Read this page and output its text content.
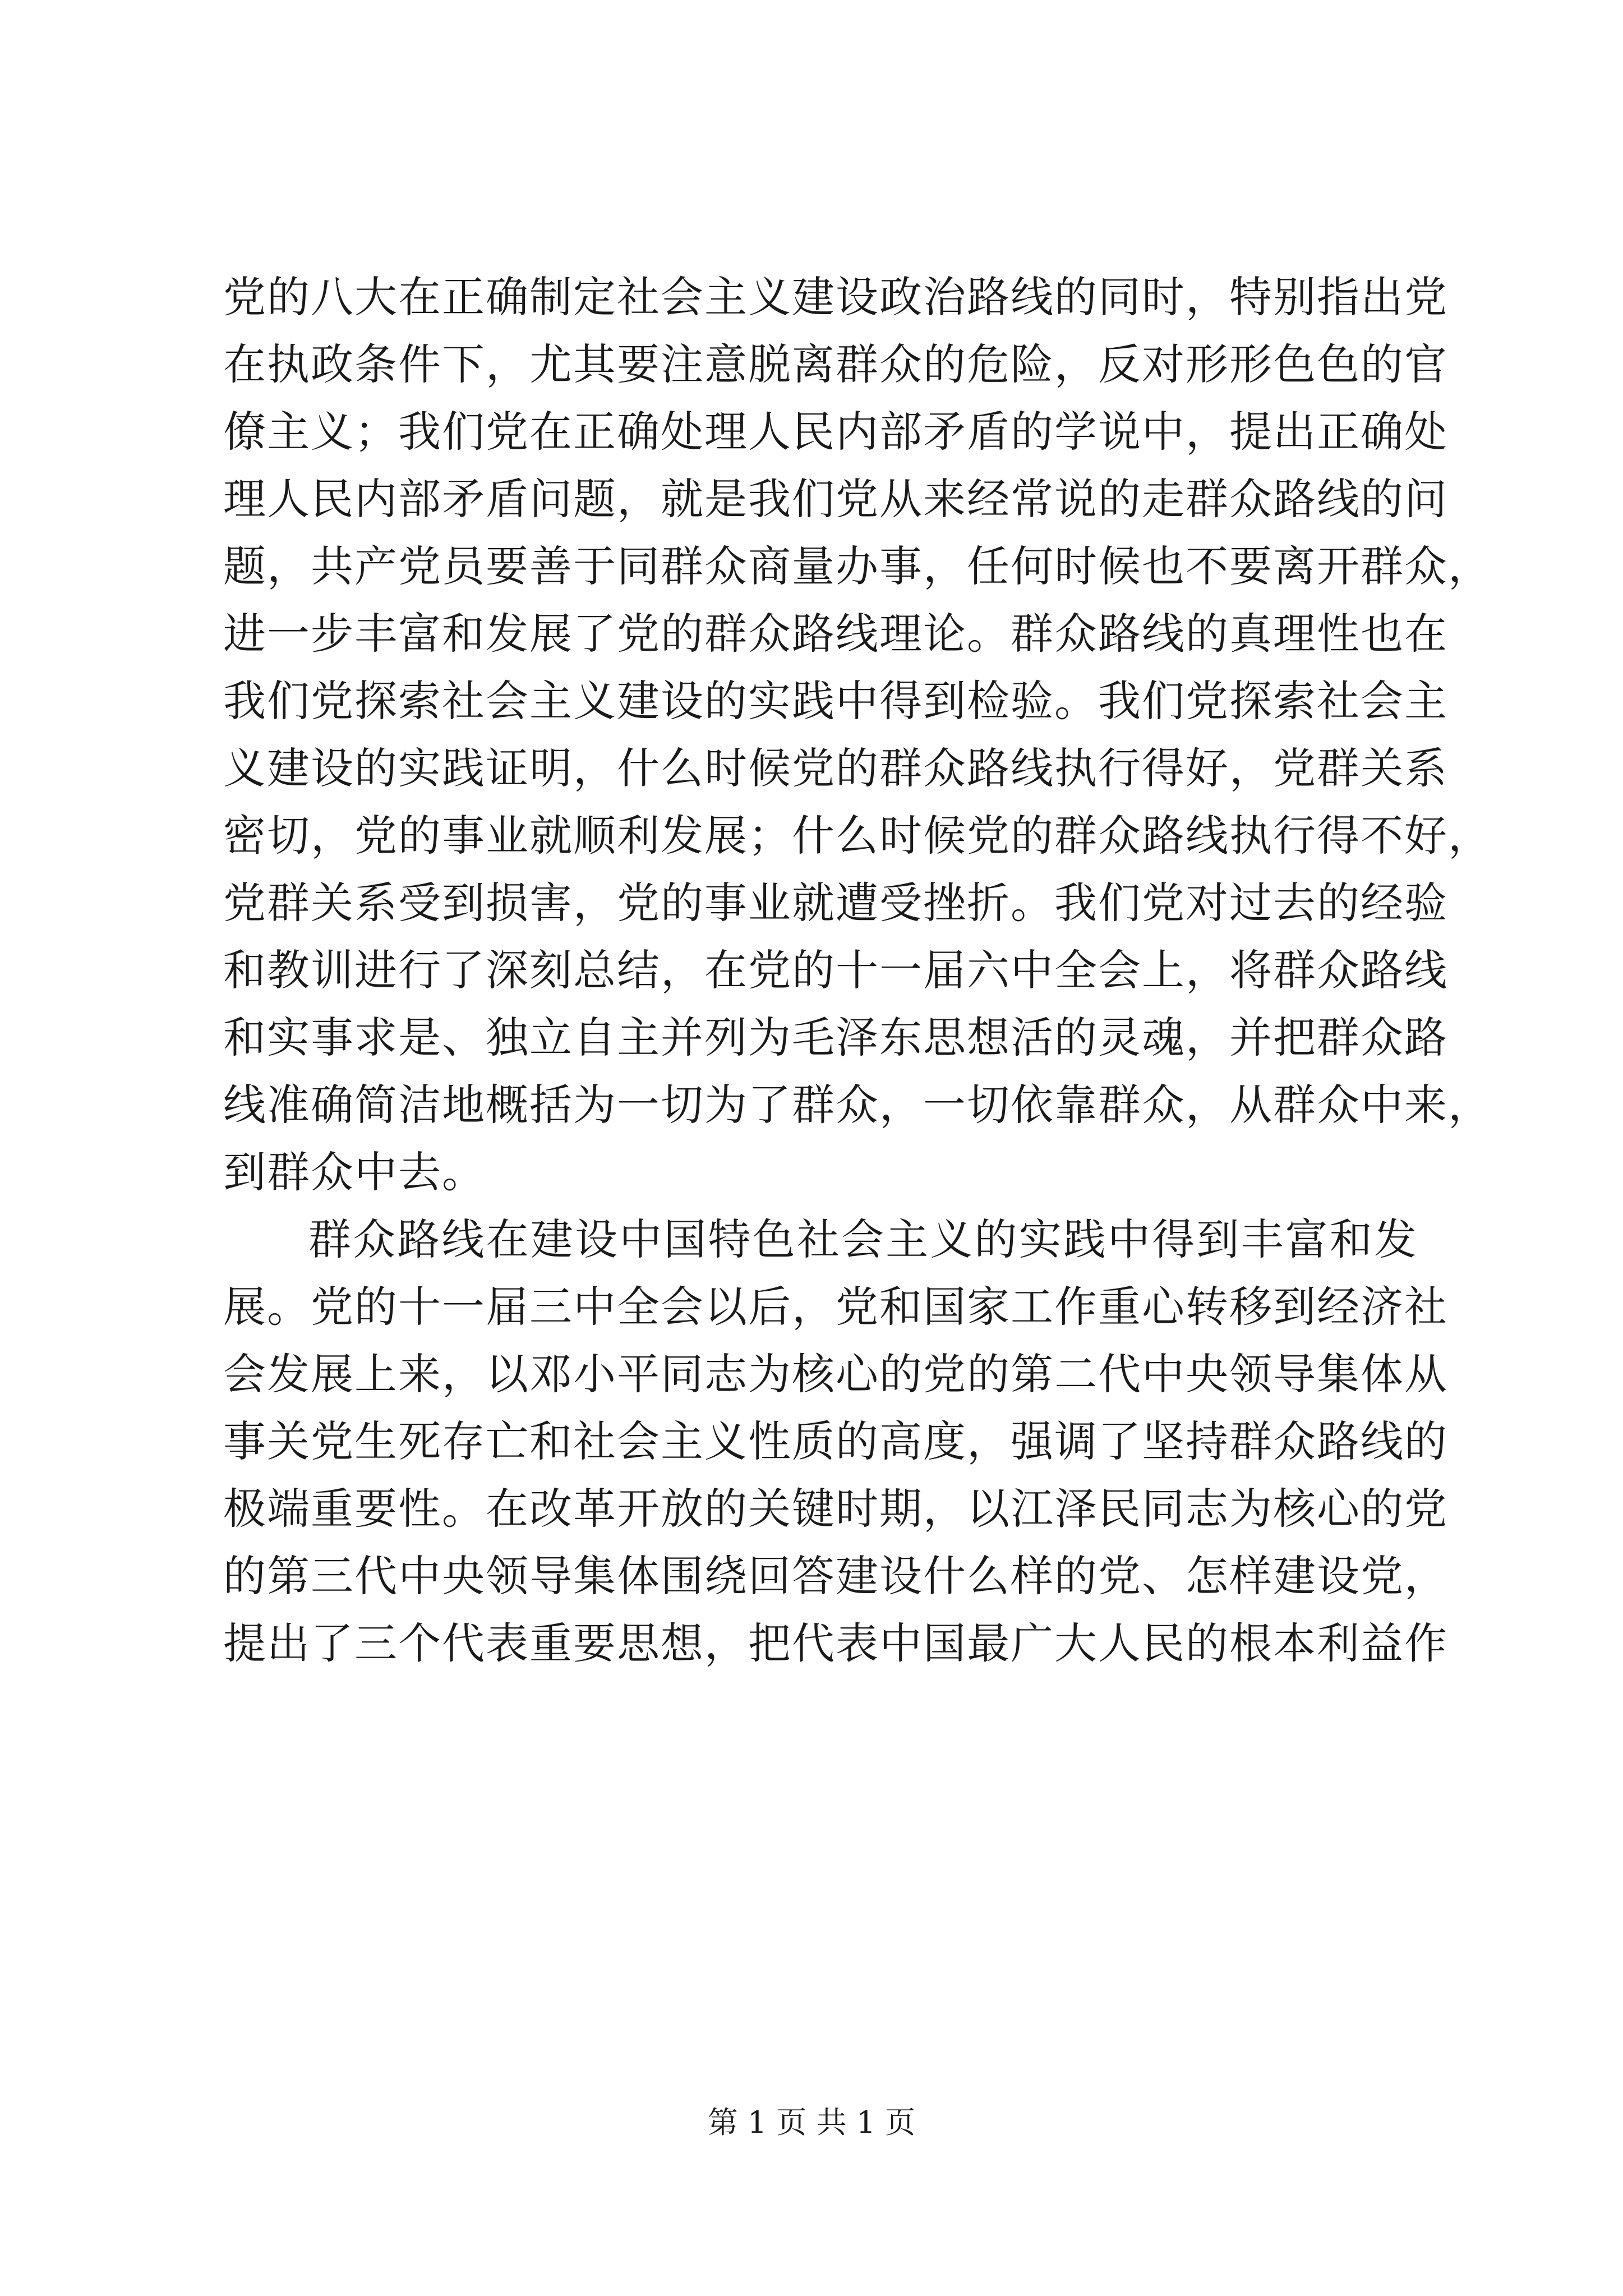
党的八大在正确制定社会主义建设政治路线的同时，特别指出党
在执政条件下，尤其要注意脱离群众的危险，反对形形色色的官
僚主义；我们党在正确处理人民内部矛盾的学说中，提出正确处
理人民内部矛盾问题，就是我们党从来经常说的走群众路线的问
题，共产党员要善于同群众商量办事，任何时候也不要离开群众，
进一步丰富和发展了党的群众路线理论。群众路线的真理性也在
我们党探索社会主义建设的实践中得到检验。我们党探索社会主
义建设的实践证明，什么时候党的群众路线执行得好，党群关系
密切，党的事业就顺利发展；什么时候党的群众路线执行得不好，
党群关系受到损害，党的事业就遭受挫折。我们党对过去的经验
和教训进行了深刻总结，在党的十一届六中全会上，将群众路线
和实事求是、独立自主并列为毛泽东思想活的灵魂，并把群众路
线准确简洁地概括为一切为了群众，一切依靠群众，从群众中来，
到群众中去。
群众路线在建设中国特色社会主义的实践中得到丰富和发
展。党的十一届三中全会以后，党和国家工作重心转移到经济社
会发展上来，以邓小平同志为核心的党的第二代中央领导集体从
事关党生死存亡和社会主义性质的高度，强调了坚持群众路线的
极端重要性。在改革开放的关键时期，以江泽民同志为核心的党
的第三代中央领导集体围绕回答建设什么样的党、怎样建设党，
提出了三个代表重要思想，把代表中国最广大人民的根本利益作
第 1 页 共 1 页
